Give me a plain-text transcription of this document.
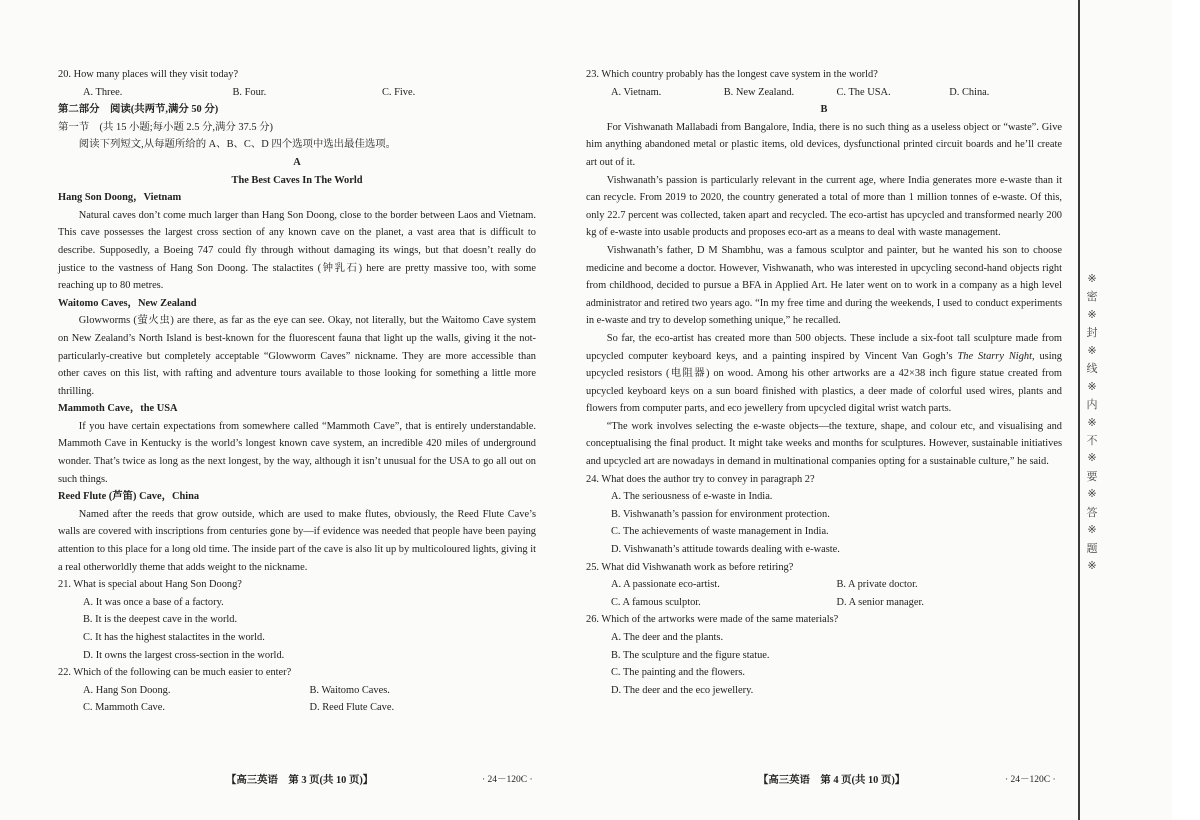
20. How many places will they visit today?

A. Three.	B. Four.	C. Five.

第二部分　阅读(共两节,满分 50 分)

第一节　(共 15 小题;每小题 2.5 分,满分 37.5 分)

阅读下列短文,从每题所给的 A、B、C、D 四个选项中选出最佳选项。

A

The Best Caves In The World

Hang Son Doong，Vietnam

Natural caves don’t come much larger than Hang Son Doong, close to the border between Laos and Vietnam. This cave possesses the largest cross section of any known cave on the planet, a vast area that is difficult to describe. Supposedly, a Boeing 747 could fly through without damaging its wings, but that doesn’t really do justice to the vastness of Hang Son Doong. The stalactites (钟乳石) here are pretty massive too, with some reaching up to 80 metres.

Waitomo Caves，New Zealand

Glowworms (萤火虫) are there, as far as the eye can see. Okay, not literally, but the Waitomo Cave system on New Zealand’s North Island is best-known for the fluorescent fauna that light up the walls, giving it the not-particularly-creative but completely acceptable “Glowworm Caves” nickname. They are more accessible than other caves on this list, with rafting and adventure tours available to those looking for something a little more thrilling.

Mammoth Cave，the USA

If you have certain expectations from somewhere called “Mammoth Cave”, that is entirely understandable. Mammoth Cave in Kentucky is the world’s longest known cave system, an incredible 420 miles of underground wonder. That’s twice as long as the next longest, by the way, although it isn’t unusual for the USA to go all out on such things.

Reed Flute (芦笛) Cave，China

Named after the reeds that grow outside, which are used to make flutes, obviously, the Reed Flute Cave’s walls are covered with inscriptions from centuries gone by—if evidence was needed that people have been paying attention to this place for a long old time. The inside part of the cave is also lit up by multicoloured lights, giving it a real otherworldly theme that adds weight to the nickname.

21. What is special about Hang Son Doong?

A. It was once a base of a factory.

B. It is the deepest cave in the world.

C. It has the highest stalactites in the world.

D. It owns the largest cross-section in the world.

22. Which of the following can be much easier to enter?

A. Hang Son Doong.	B. Waitomo Caves.
C. Mammoth Cave.	D. Reed Flute Cave.
【高三英语　第 3 页(共 10 页)】	· 24－120C ·

23. Which country probably has the longest cave system in the world?

A. Vietnam.	B. New Zealand.	C. The USA.	D. China.

B

For Vishwanath Mallabadi from Bangalore, India, there is no such thing as a useless object or “waste”. Give him anything abandoned metal or plastic items, old devices, dysfunctional printed circuit boards and he’ll create art out of it.

Vishwanath’s passion is particularly relevant in the current age, where India generates more e-waste than it can recycle. From 2019 to 2020, the country generated a total of more than 1 million tonnes of e-waste. Of this, only 22.7 percent was collected, taken apart and recycled. The eco-artist has upcycled and transformed nearly 200 kg of e-waste into usable products and proposes eco-art as a means to deal with waste management.

Vishwanath’s father, D M Shambhu, was a famous sculptor and painter, but he wanted his son to choose medicine and become a doctor. However, Vishwanath, who was interested in upcycling second-hand objects right from childhood, decided to pursue a BFA in Applied Art. He later went on to work in a company as a high level administrator and retired two years ago. “In my free time and during the weekends, I used to conduct experiments in e-waste and try to develop something unique,” he recalled.

So far, the eco-artist has created more than 500 objects. These include a six-foot tall sculpture made from upcycled computer keyboard keys, and a painting inspired by Vincent Van Gogh’s The Starry Night, using upcycled resistors (电阻器) on wood. Among his other artworks are a 42×38 inch figure statue created from upcycled keyboard keys on a sun board finished with plastics, a deer made of colorful used wires, plants and flowers from computer parts, and eco jewellery from upcycled digital wrist watch parts.

“The work involves selecting the e-waste objects—the texture, shape, and colour etc, and visualising and conceptualising the final product. It might take weeks and months for sculptures. However, sustainable initiatives and upcycled art are nowadays in demand in multinational companies opting for a sustainable culture,” he said.

24. What does the author try to convey in paragraph 2?

A. The seriousness of e-waste in India.

B. Vishwanath’s passion for environment protection.

C. The achievements of waste management in India.

D. Vishwanath’s attitude towards dealing with e-waste.

25. What did Vishwanath work as before retiring?

A. A passionate eco-artist.	B. A private doctor.
C. A famous sculptor.	D. A senior manager.

26. Which of the artworks were made of the same materials?

A. The deer and the plants.

B. The sculpture and the figure statue.

C. The painting and the flowers.

D. The deer and the eco jewellery.

【高三英语　第 4 页(共 10 页)】	· 24－120C ·
※
密
※
封
※
线
※
内
※
不
※
要
※
答
※
题
※
